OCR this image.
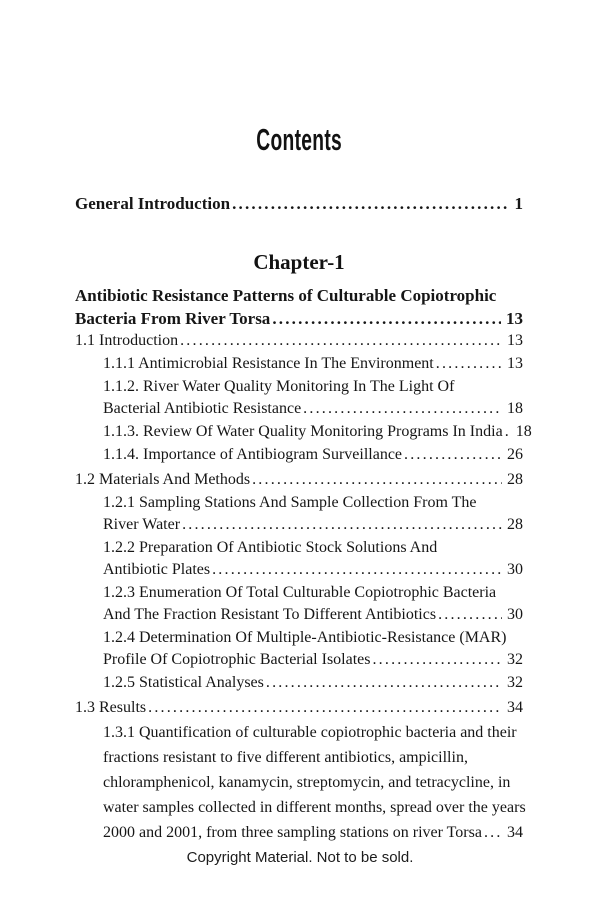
Contents
General Introduction .....	1
Chapter-1
Antibiotic Resistance Patterns of Culturable Copiotrophic
Bacteria From River Torsa .....	13
1.1 Introduction .....	13
1.1.1 Antimicrobial Resistance In The Environment .....	13
1.1.2. River Water Quality Monitoring In The Light Of
Bacterial Antibiotic Resistance .....	18
1.1.3. Review Of Water Quality Monitoring Programs In India ..... 18
1.1.4. Importance of Antibiogram Surveillance .....	26
1.2 Materials And Methods .....	28
1.2.1 Sampling Stations And Sample Collection From The
River Water .....	28
1.2.2 Preparation Of Antibiotic Stock Solutions And
Antibiotic Plates .....	30
1.2.3 Enumeration Of Total Culturable Copiotrophic Bacteria
And The Fraction Resistant To Different Antibiotics .....	30
1.2.4 Determination Of Multiple-Antibiotic-Resistance (MAR)
Profile Of Copiotrophic Bacterial Isolates .....	32
1.2.5 Statistical Analyses .....	32
1.3 Results .....	34
1.3.1 Quantification of culturable copiotrophic bacteria and their
fractions resistant to five different antibiotics, ampicillin,
chloramphenicol, kanamycin, streptomycin, and tetracycline, in
water samples collected in different months, spread over the years
2000 and 2001, from three sampling stations on river Torsa .....	34
Copyright Material. Not to be sold.
